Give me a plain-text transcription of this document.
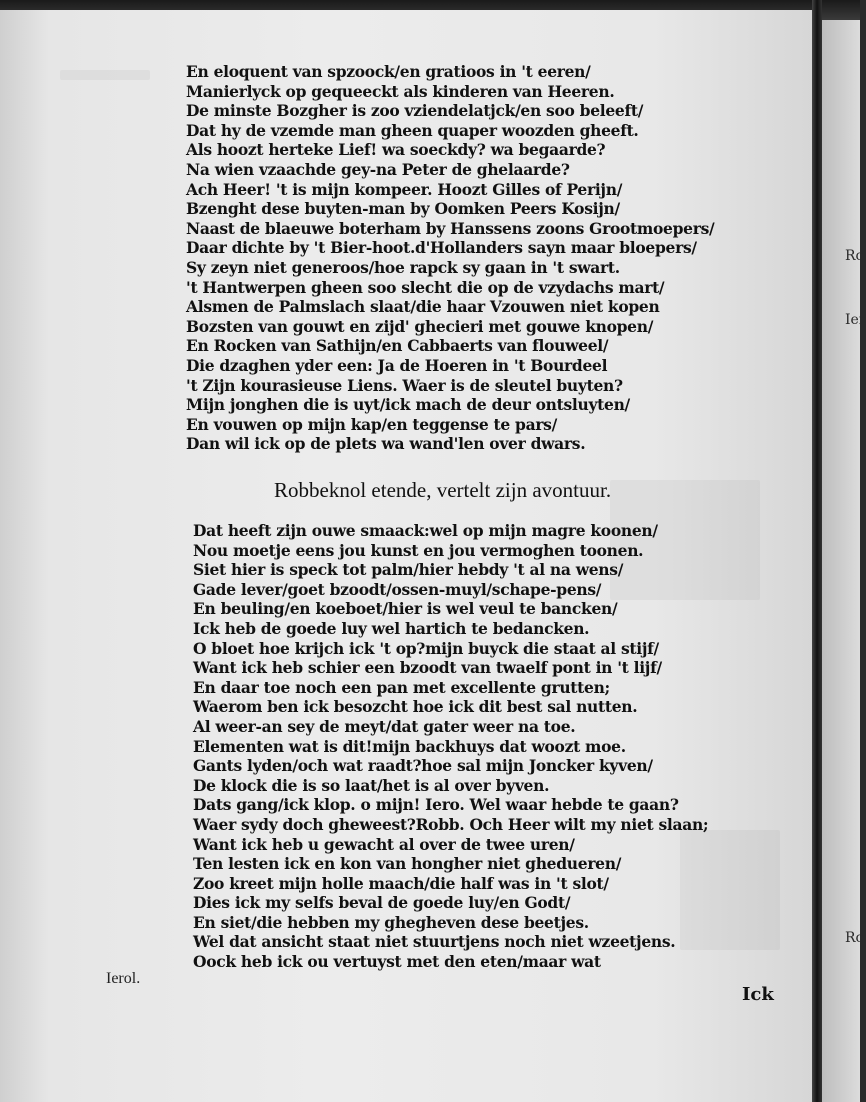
En eloquent van spzoock/en gratioos in 't eeren/
Manierlyck op gequeeckt als kinderen van Heeren.
De minste Bozgher is zoo vziendelatjck/en soo beleeft/
Dat hy de vzemde man gheen quaper woozden gheeft.
Als hoozt herteke Lief! wa soeckdy? wa begaarde?
Na wien vzaachde gey-na Peter de ghelaarde?
Ach Heer! 't is mijn kompeer. Hoozt Gilles of Perijn/
Bzenght dese buyten-man by Oomken Peers Kosijn/
Naast de blaeuwe boterham by Hanssens zoons Grootmoepers/
Daar dichte by 't Bier-hoot.d'Hollanders sayn maar bloepers/
Sy zeyn niet generoos/hoe rapck sy gaan in 't swart.
't Hantwerpen gheen soo slecht die op de vzydachs mart/
Alsmen de Palmslach slaat/die haar Vzouwen niet kopen
Bozsten van gouwt en zijd' ghecieri met gouwe knopen/
En Rocken van Sathijn/en Cabbaerts van flouweel/
Die dzaghen yder een: Ja de Hoeren in 't Bourdeel
't Zijn kourasieuse Liens. Waer is de sleutel buyten?
Mijn jonghen die is uyt/ick mach de deur ontsluyten/
En vouwen op mijn kap/en teggense te pars/
Dan wil ick op de plets wa wand'len over dwars.
Robbeknol etende, vertelt zijn avontuur.
Dat heeft zijn ouwe smaack:wel op mijn magre koonen/
Nou moetje eens jou kunst en jou vermoghen toonen.
Siet hier is speck tot palm/hier hebdy 't al na wens/
Gade lever/goet bzoodt/ossen-muyl/schape-pens/
En beuling/en koeboet/hier is wel veul te bancken/
Ick heb de goede luy wel hartich te bedancken.
O bloet hoe krijch ick 't op?mijn buyck die staat al stijf/
Want ick heb schier een bzoodt van twaelf pont in 't lijf/
En daar toe noch een pan met excellente grutten;
Waerom ben ick besozcht hoe ick dit best sal nutten.
Al weer-an sey de meyt/dat gater weer na toe.
Elementen wat is dit!mijn backhuys dat woozt moe.
Gants lyden/och wat raadt?hoe sal mijn Joncker kyven/
De klock die is so laat/het is al over byven.
Dats gang/ick klop. o mijn! Iero. Wel waar hebde te gaan?
Waer sydy doch gheweest?Robb. Och Heer wilt my niet slaan;
Want ick heb u gewacht al over de twee uren/
Ten lesten ick en kon van hongher niet ghedueren/
Zoo kreet mijn holle maach/die half was in 't slot/
Dies ick my selfs beval de goede luy/en Godt/
En siet/die hebben my ghegheven dese beetjes.
Wel dat ansicht staat niet stuurtjens noch niet wzeetjens.
Oock heb ick ou vertuyst met den eten/maar wat
Ierol.
Ick
Ro
Ier
Ro
